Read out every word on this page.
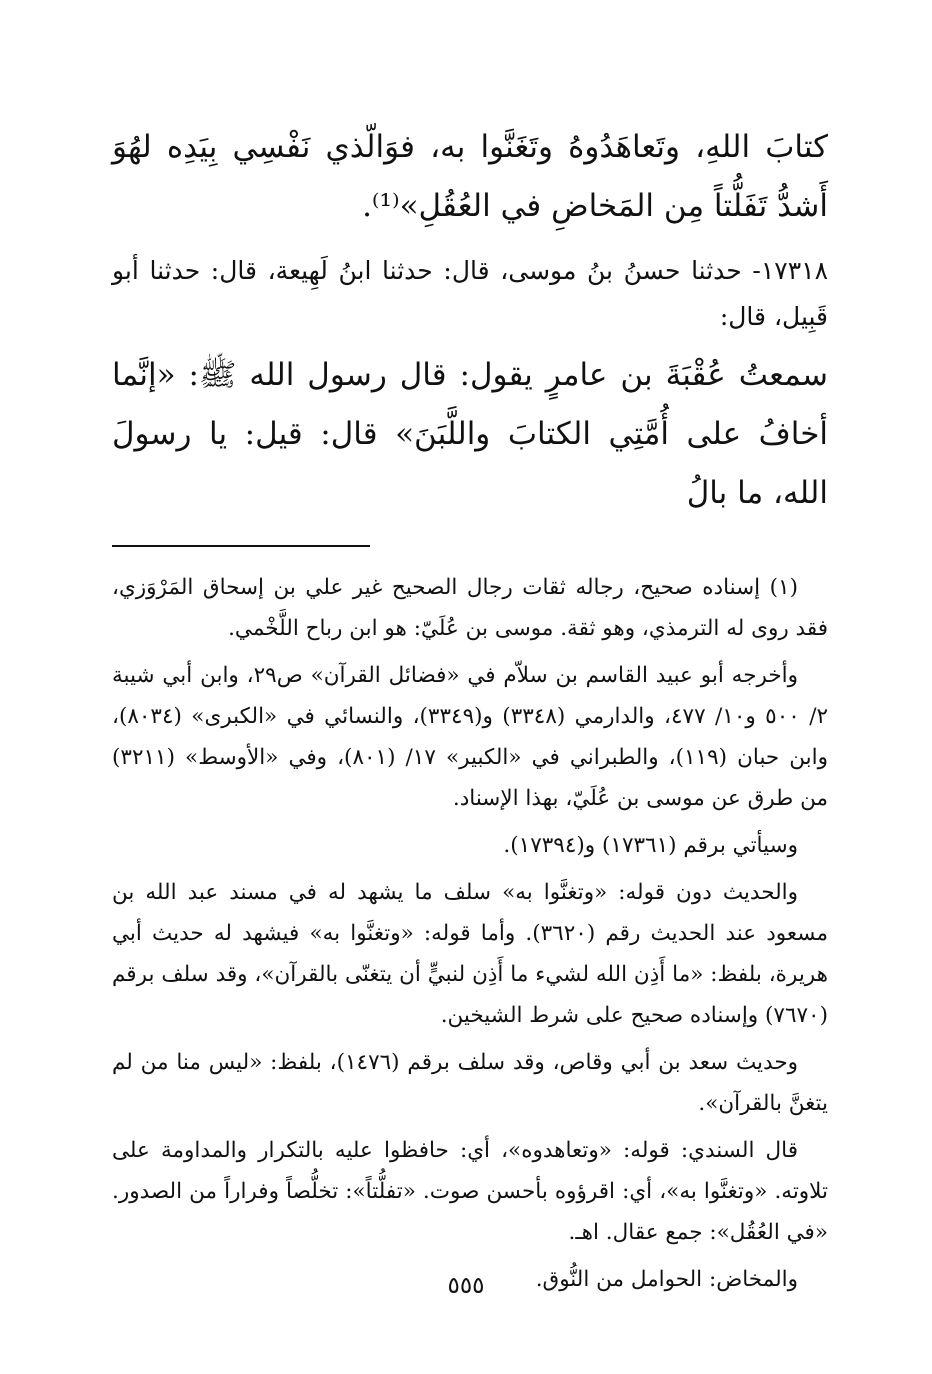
كتابَ اللهِ، وتَعاهَدُوهُ وتَغَنَّوا به، فوَالّذي نَفْسِي بِيَدِه لهُوَ أَشدُّ تَفَلُّتاً مِن المَخاضِ في العُقُلِ»⁽¹⁾.

١٧٣١٨- حدثنا حسنُ بنُ موسى، قال: حدثنا ابنُ لَهِيعة، قال: حدثنا أبو قَبِيل، قال:

سمعتُ عُقْبَةَ بن عامرٍ يقول: قال رسول الله ﷺ: «إنَّما أخافُ على أُمَّتِي الكتابَ واللَّبَنَ» قال: قيل: يا رسولَ الله، ما بالُ

(١) إسناده صحيح، رجاله ثقات رجال الصحيح غير علي بن إسحاق المَرْوَزي، فقد روى له الترمذي، وهو ثقة. موسى بن عُلَيّ: هو ابن رباح اللَّخْمي.

وأخرجه أبو عبيد القاسم بن سلاّم في «فضائل القرآن» ص٢٩، وابن أبي شيبة ٢/ ٥٠٠ و١٠/ ٤٧٧، والدارمي (٣٣٤٨) و(٣٣٤٩)، والنسائي في «الكبرى» (٨٠٣٤)، وابن حبان (١١٩)، والطبراني في «الكبير» ١٧/ (٨٠١)، وفي «الأوسط» (٣٢١١) من طرق عن موسى بن عُلَيّ، بهذا الإسناد.

وسيأتي برقم (١٧٣٦١) و(١٧٣٩٤).

والحديث دون قوله: «وتغنَّوا به» سلف ما يشهد له في مسند عبد الله بن مسعود عند الحديث رقم (٣٦٢٠). وأما قوله: «وتغنَّوا به» فيشهد له حديث أبي هريرة، بلفظ: «ما أَذِن الله لشيء ما أَذِن لنبيٍّ أن يتغنّى بالقرآن»، وقد سلف برقم (٧٦٧٠) وإسناده صحيح على شرط الشيخين.

وحديث سعد بن أبي وقاص، وقد سلف برقم (١٤٧٦)، بلفظ: «ليس منا من لم يتغنَّ بالقرآن».

قال السندي: قوله: «وتعاهدوه»، أي: حافظوا عليه بالتكرار والمداومة على تلاوته. «وتغنَّوا به»، أي: اقرؤوه بأحسن صوت. «تفلُّتاً»: تخلُّصاً وفراراً من الصدور. «في العُقُل»: جمع عقال. اهـ.

والمخاض: الحوامل من النُّوق.

٥٥٥
